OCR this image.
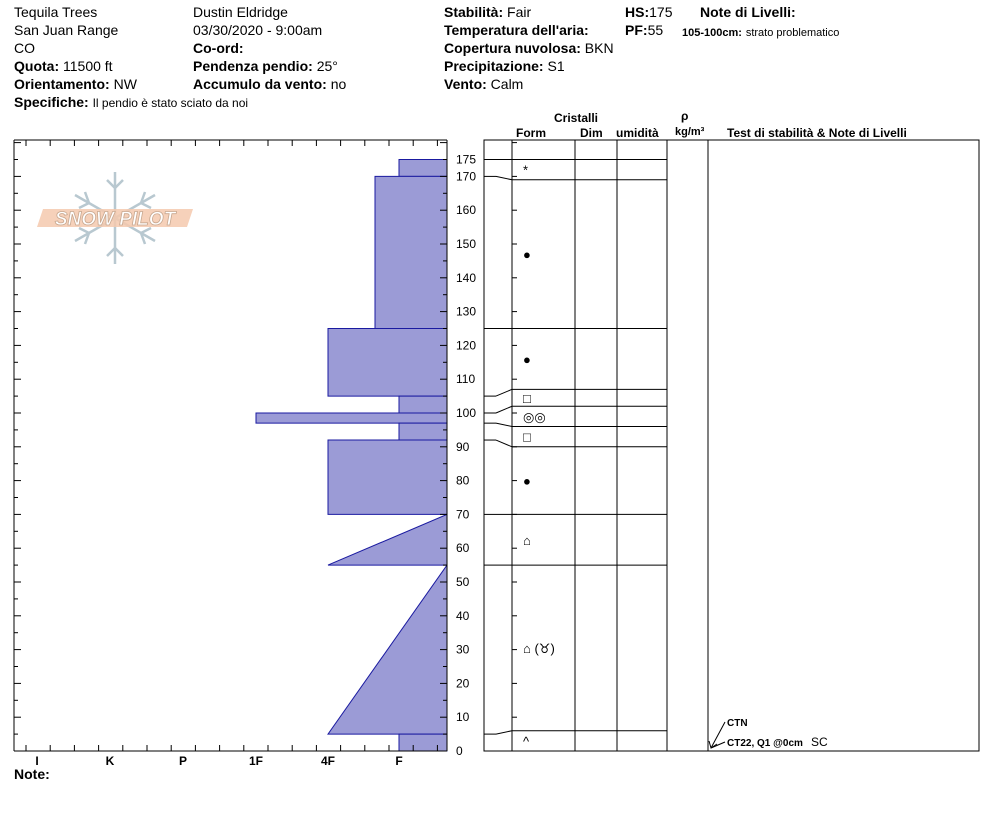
Tequila Trees
San Juan Range
CO
Quota: 11500 ft
Orientamento: NW
Specifiche: Il pendio è stato sciato da noi
Dustin Eldridge
03/30/2020 - 9:00am
Co-ord:
Pendenza pendio: 25°
Accumulo da vento: no
Stabilità: Fair
Temperatura dell'aria:
Copertura nuvolosa: BKN
Precipitazione: S1
Vento: Calm
HS:175
PF:55
Note di Livelli:
105-100cm: strato problematico
Note:
Cristalli
Form	Dim umidità
ρ
kg/m³ Test di stabilità & Note di Livelli
SNOW PILOT
0
10
20
30
40
50
60
70
80
90
100
110
120
130
140
150
160
170
175
I	K	P	1F	4F	F
*
●
●
□
◎◎
□
●
⌂
⌂ (♉)
^
CTN
CT22, Q1 @0cm SC
